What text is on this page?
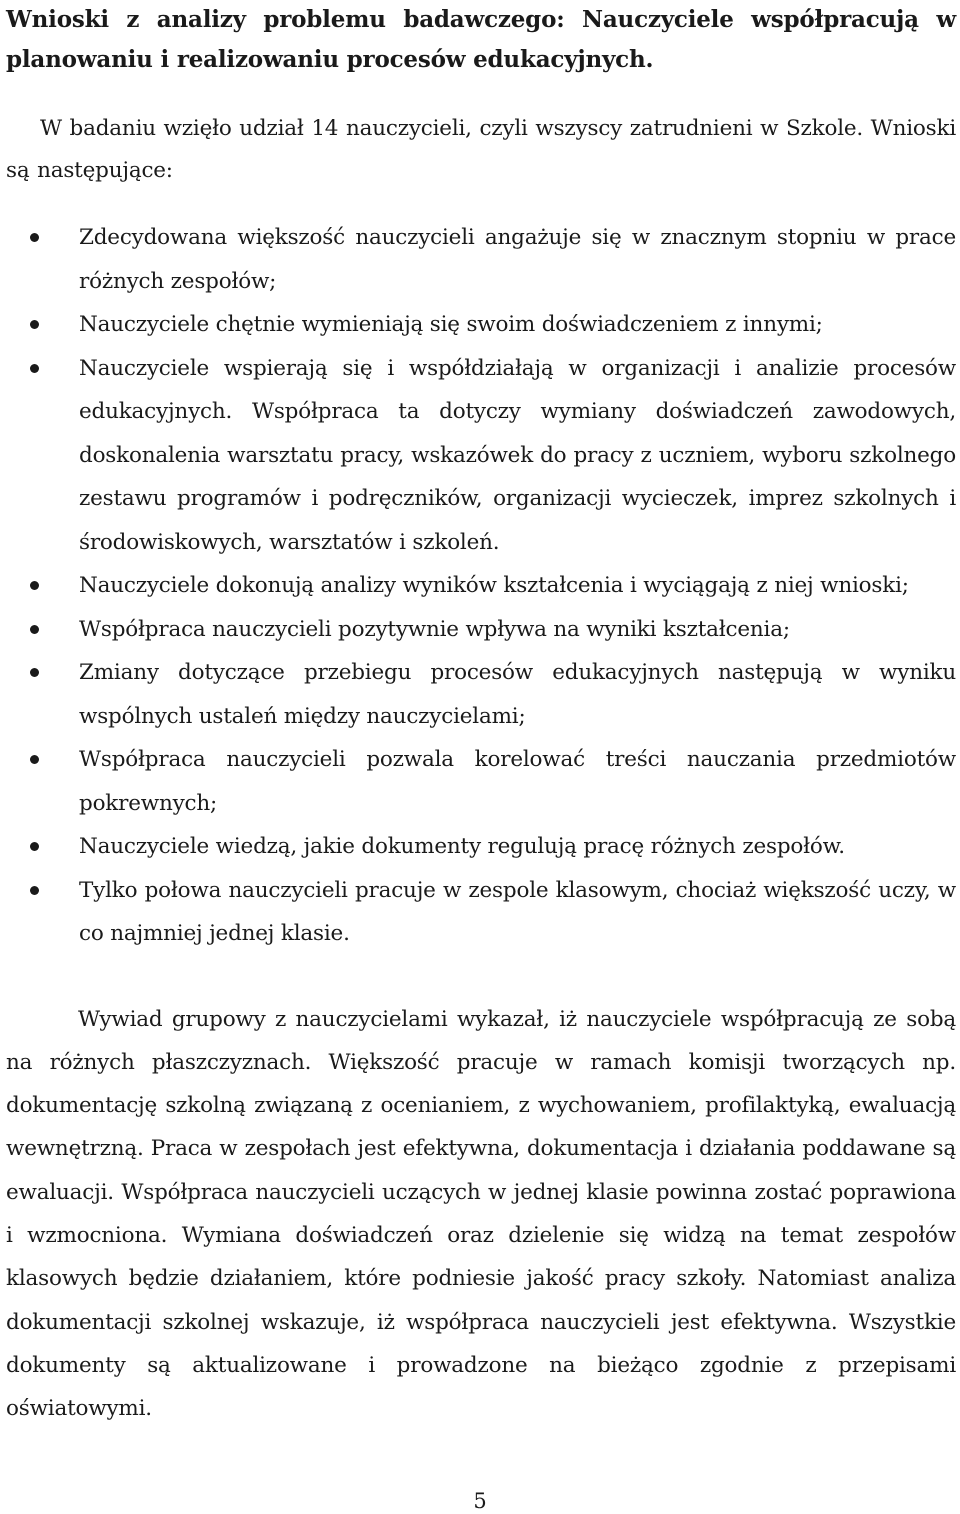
Wnioski z analizy problemu badawczego: Nauczyciele współpracują w planowaniu i realizowaniu procesów edukacyjnych.

W badaniu wzięło udział 14 nauczycieli, czyli wszyscy zatrudnieni w Szkole. Wnioski są następujące:

Zdecydowana większość nauczycieli angażuje się w znacznym stopniu w prace różnych zespołów;
Nauczyciele chętnie wymieniają się swoim doświadczeniem z innymi;
Nauczyciele wspierają się i współdziałają w organizacji i analizie procesów edukacyjnych. Współpraca ta dotyczy wymiany doświadczeń zawodowych, doskonalenia warsztatu pracy, wskazówek do pracy z uczniem, wyboru szkolnego zestawu programów i podręczników, organizacji wycieczek, imprez szkolnych i środowiskowych, warsztatów i szkoleń.
Nauczyciele dokonują analizy wyników kształcenia i wyciągają z niej wnioski;
Współpraca nauczycieli pozytywnie wpływa na wyniki kształcenia;
Zmiany dotyczące przebiegu procesów edukacyjnych następują w wyniku wspólnych ustaleń między nauczycielami;
Współpraca nauczycieli pozwala korelować treści nauczania przedmiotów pokrewnych;
Nauczyciele wiedzą, jakie dokumenty regulują pracę różnych zespołów.
Tylko połowa nauczycieli pracuje w zespole klasowym, chociaż większość uczy, w co najmniej jednej klasie.

Wywiad grupowy z nauczycielami wykazał, iż nauczyciele współpracują ze sobą na różnych płaszczyznach. Większość pracuje w ramach komisji tworzących np. dokumentację szkolną związaną z ocenianiem, z wychowaniem, profilaktyką, ewaluacją wewnętrzną. Praca w zespołach jest efektywna, dokumentacja i działania poddawane są ewaluacji. Współpraca nauczycieli uczących w jednej klasie powinna zostać poprawiona i wzmocniona. Wymiana doświadczeń oraz dzielenie się widzą na temat zespołów klasowych będzie działaniem, które podniesie jakość pracy szkoły. Natomiast analiza dokumentacji szkolnej wskazuje, iż współpraca nauczycieli jest efektywna. Wszystkie dokumenty są aktualizowane i prowadzone na bieżąco zgodnie z przepisami oświatowymi.

5
